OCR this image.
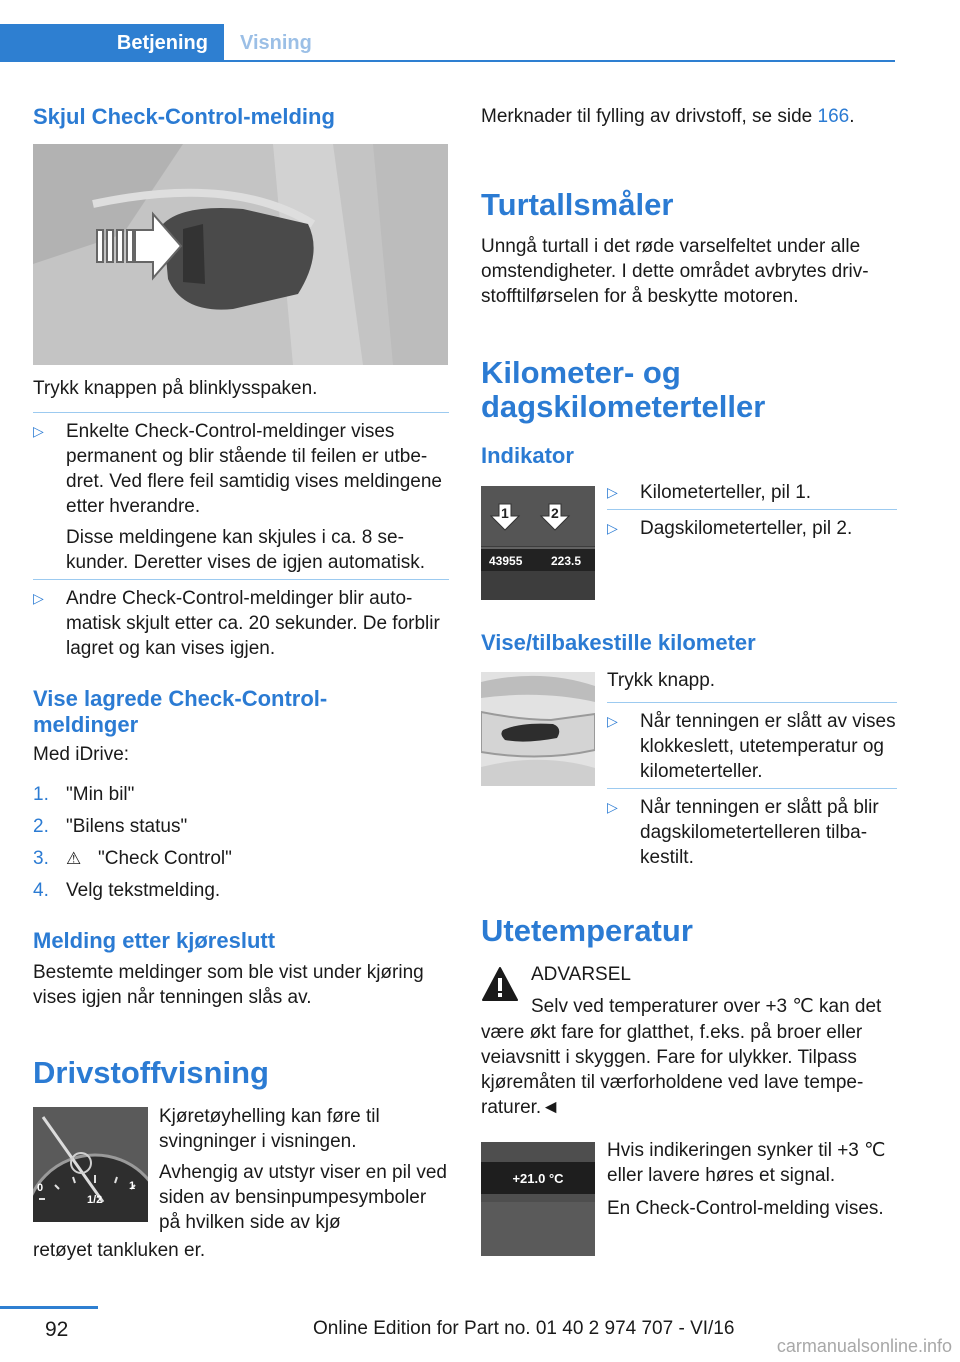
Betjening Visning
Skjul Check-Control-melding
Trykk knappen på blinklysspaken.
▷ Enkelte Check-Control-meldinger vises permanent og blir stående til feilen er utbedret. Ved flere feil samtidig vises meldingene etter hverandre.
Disse meldingene kan skjules i ca. 8 sekunder. Deretter vises de igjen automatisk.
▷ Andre Check-Control-meldinger blir automatisk skjult etter ca. 20 sekunder. De forblir lagret og kan vises igjen.
Vise lagrede Check-Control-meldinger
Med iDrive:
1. "Min bil"
2. "Bilens status"
3. ⚠ "Check Control"
4. Velg tekstmelding.
Melding etter kjøreslutt
Bestemte meldinger som ble vist under kjøring vises igjen når tenningen slås av.
Drivstoffvisning
0
1/2
1
Kjøretøyhelling kan føre til svingninger i visningen.
Avhengig av utstyr viser en pil ved siden av bensinpumpesymboler på hvilken side av kjø
retøyet tankluken er.
Merknader til fylling av drivstoff, se side 166.
Turtallsmåler
Unngå turtall i det røde varselfeltet under alle omstendigheter. I dette området avbrytes drivstofftilførselen for å beskytte motoren.
Kilometer- og dagskilometerteller
Indikator
1	2
43955 223.5
▷ Kilometerteller, pil 1.
▷ Dagskilometerteller, pil 2.
Vise/tilbakestille kilometer
Trykk knapp.
▷ Når tenningen er slått av vises klokkeslett, utetemperatur og kilometerteller.
▷ Når tenningen er slått på blir dagskilometertelleren tilbakestilt.
Utetemperatur
ADVARSEL
Selv ved temperaturer over +3 ℃ kan det
være økt fare for glatthet, f.eks. på broer eller veiavsnitt i skyggen. Fare for ulykker. Tilpass kjøremåten til værforholdene ved lave temperaturer.◄
+21.0 °C
Hvis indikeringen synker til +3 ℃ eller lavere høres et signal.
En Check-Control-melding vises.
92	Online Edition for Part no. 01 40 2 974 707 - VI/16
carmanualsonline.info
